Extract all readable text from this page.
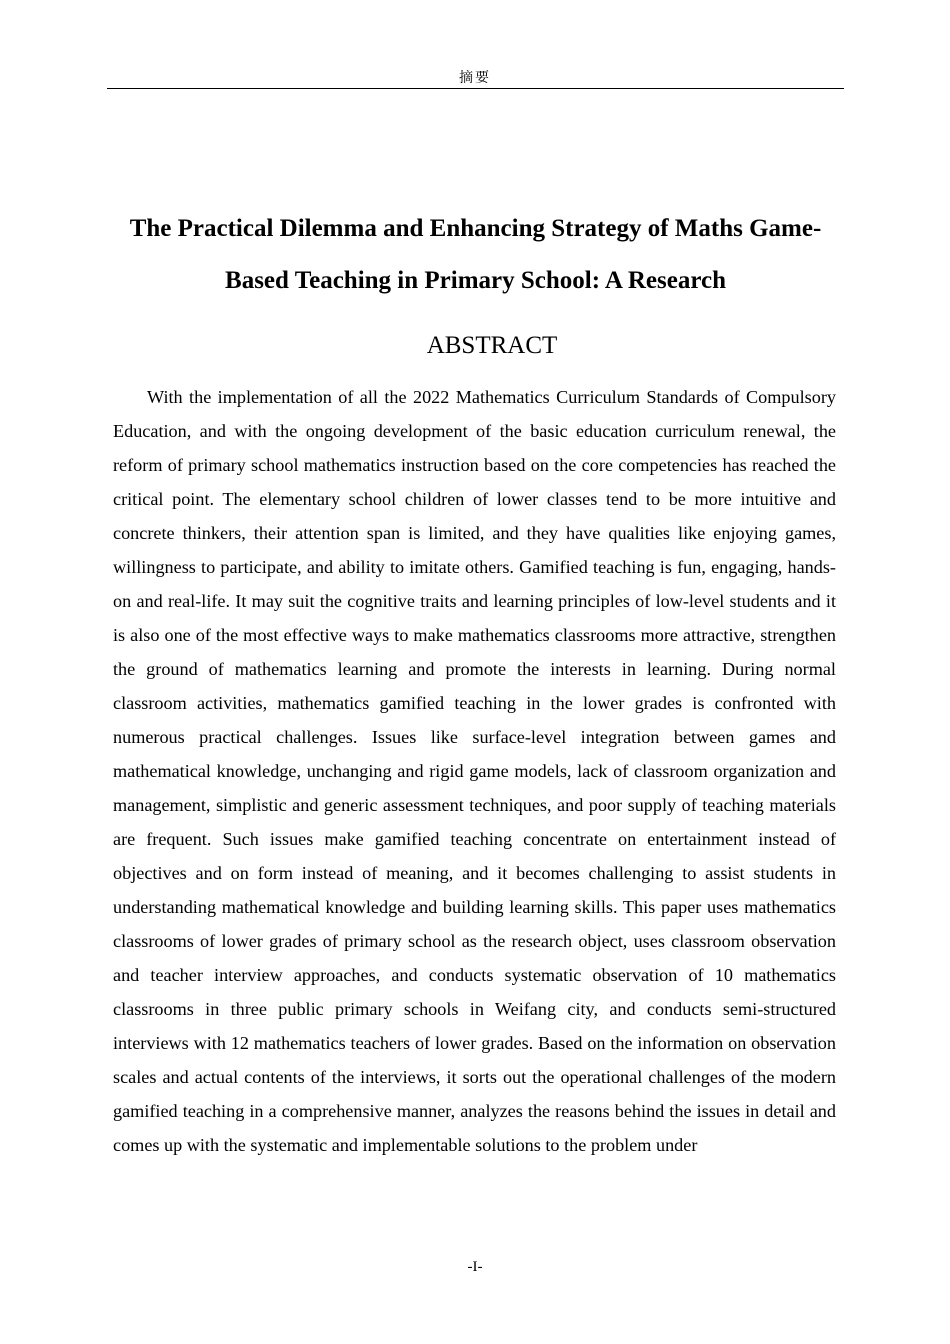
摘要
The Practical Dilemma and Enhancing Strategy of Maths Game-Based Teaching in Primary School: A Research
ABSTRACT

With the implementation of all the 2022 Mathematics Curriculum Standards of Compulsory Education, and with the ongoing development of the basic education curriculum renewal, the reform of primary school mathematics instruction based on the core competencies has reached the critical point. The elementary school children of lower classes tend to be more intuitive and concrete thinkers, their attention span is limited, and they have qualities like enjoying games, willingness to participate, and ability to imitate others. Gamified teaching is fun, engaging, hands-on and real-life. It may suit the cognitive traits and learning principles of low-level students and it is also one of the most effective ways to make mathematics classrooms more attractive, strengthen the ground of mathematics learning and promote the interests in learning. During normal classroom activities, mathematics gamified teaching in the lower grades is confronted with numerous practical challenges. Issues like surface-level integration between games and mathematical knowledge, unchanging and rigid game models, lack of classroom organization and management, simplistic and generic assessment techniques, and poor supply of teaching materials are frequent. Such issues make gamified teaching concentrate on entertainment instead of objectives and on form instead of meaning, and it becomes challenging to assist students in understanding mathematical knowledge and building learning skills. This paper uses mathematics classrooms of lower grades of primary school as the research object, uses classroom observation and teacher interview approaches, and conducts systematic observation of 10 mathematics classrooms in three public primary schools in Weifang city, and conducts semi-structured interviews with 12 mathematics teachers of lower grades. Based on the information on observation scales and actual contents of the interviews, it sorts out the operational challenges of the modern gamified teaching in a comprehensive manner, analyzes the reasons behind the issues in detail and comes up with the systematic and implementable solutions to the problem under

-I-
